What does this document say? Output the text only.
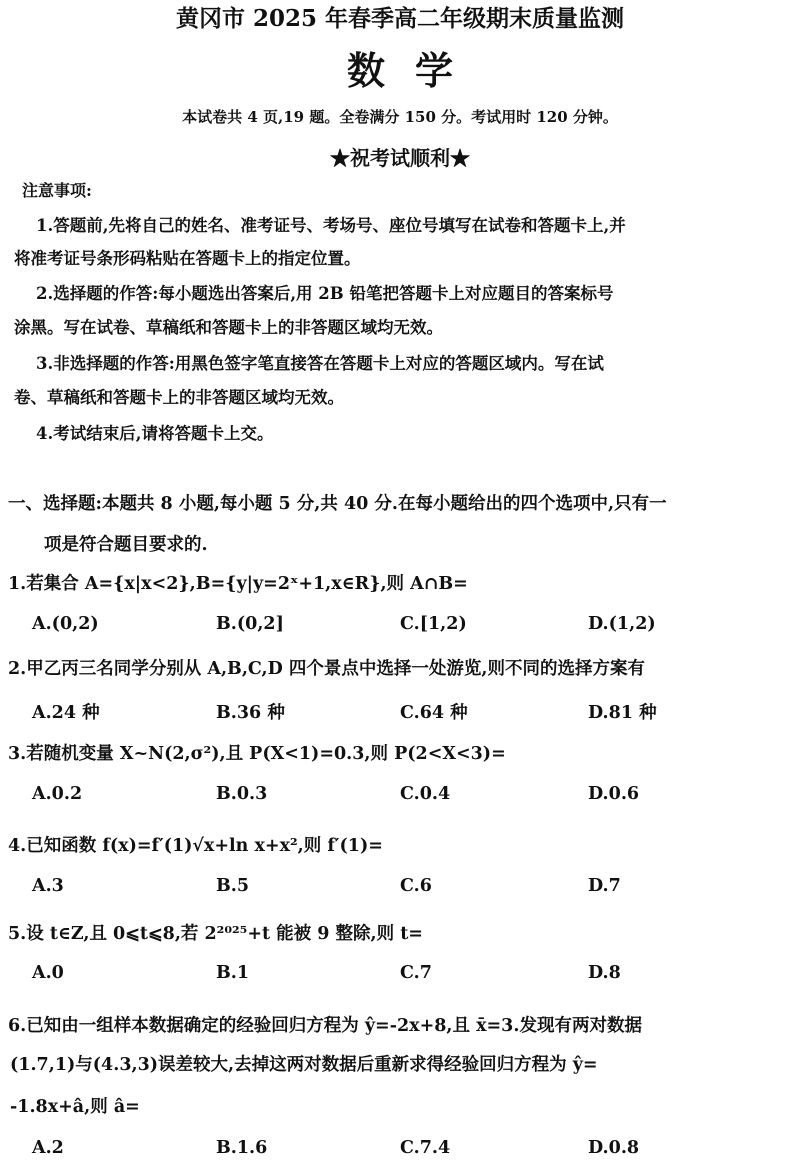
黄冈市 2025 年春季高二年级期末质量监测
数学
本试卷共 4 页,19 题。全卷满分 150 分。考试用时 120 分钟。
★祝考试顺利★
注意事项:
1.答题前,先将自己的姓名、准考证号、考场号、座位号填写在试卷和答题卡上,并
将准考证号条形码粘贴在答题卡上的指定位置。
2.选择题的作答:每小题选出答案后,用 2B 铅笔把答题卡上对应题目的答案标号
涂黑。写在试卷、草稿纸和答题卡上的非答题区域均无效。
3.非选择题的作答:用黑色签字笔直接答在答题卡上对应的答题区域内。写在试
卷、草稿纸和答题卡上的非答题区域均无效。
4.考试结束后,请将答题卡上交。
一、选择题:本题共 8 小题,每小题 5 分,共 40 分.在每小题给出的四个选项中,只有一
项是符合题目要求的.
1.若集合 A={x|x<2},B={y|y=2ˣ+1,x∈R},则 A∩B=
A.(0,2)	B.(0,2]	C.[1,2)	D.(1,2)
2.甲乙丙三名同学分别从 A,B,C,D 四个景点中选择一处游览,则不同的选择方案有
A.24 种	B.36 种	C.64 种	D.81 种
3.若随机变量 X~N(2,σ²),且 P(X<1)=0.3,则 P(2<X<3)=
A.0.2	B.0.3	C.0.4	D.0.6
4.已知函数 f(x)=f′(1)√x+ln x+x²,则 f′(1)=
A.3	B.5	C.6	D.7
5.设 t∈Z,且 0⩽t⩽8,若 2²⁰²⁵+t 能被 9 整除,则 t=
A.0	B.1	C.7	D.8
6.已知由一组样本数据确定的经验回归方程为 ŷ=-2x+8,且 x̄=3.发现有两对数据
(1.7,1)与(4.3,3)误差较大,去掉这两对数据后重新求得经验回归方程为 ŷ=
-1.8x+â,则 â=
A.2	B.1.6	C.7.4	D.0.8
